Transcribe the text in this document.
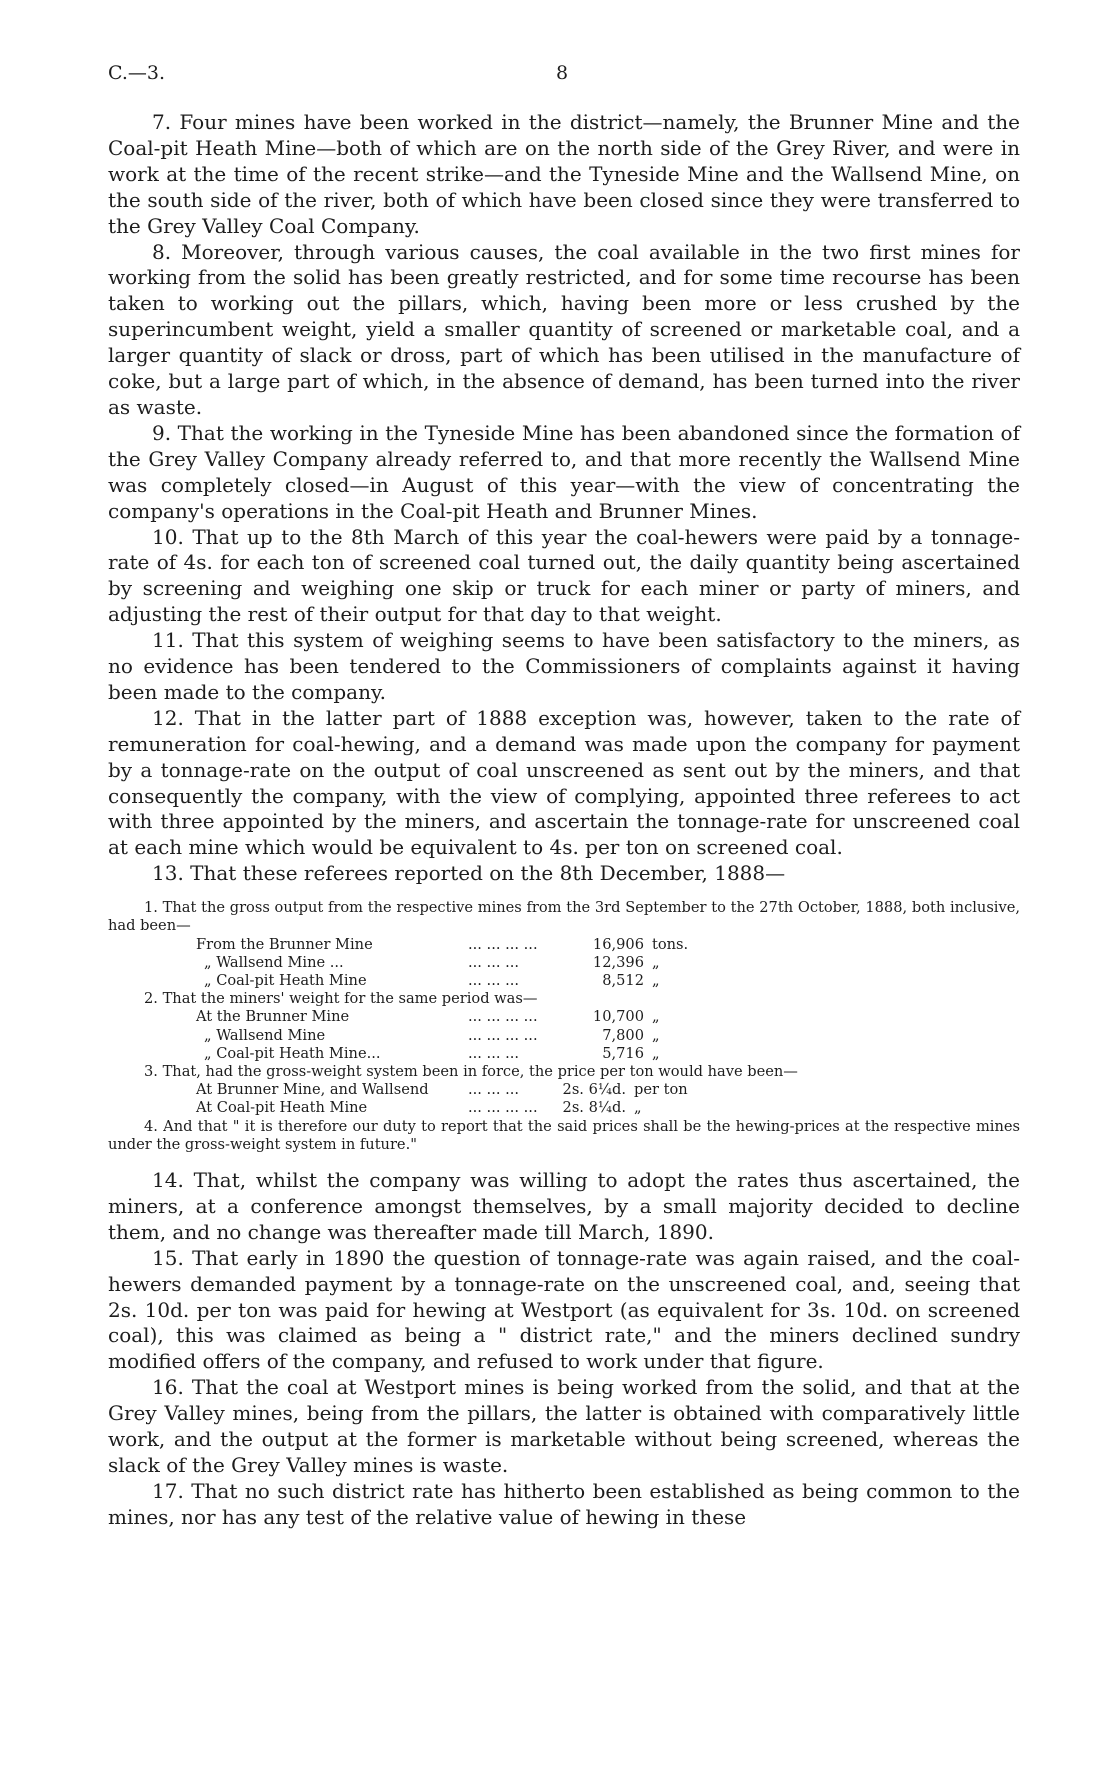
C.—3.	8

7. Four mines have been worked in the district—namely, the Brunner Mine and the Coal-pit Heath Mine—both of which are on the north side of the Grey River, and were in work at the time of the recent strike—and the Tyneside Mine and the Wallsend Mine, on the south side of the river, both of which have been closed since they were transferred to the Grey Valley Coal Company.

8. Moreover, through various causes, the coal available in the two first mines for working from the solid has been greatly restricted, and for some time recourse has been taken to working out the pillars, which, having been more or less crushed by the superincumbent weight, yield a smaller quantity of screened or marketable coal, and a larger quantity of slack or dross, part of which has been utilised in the manufacture of coke, but a large part of which, in the absence of demand, has been turned into the river as waste.

9. That the working in the Tyneside Mine has been abandoned since the formation of the Grey Valley Company already referred to, and that more recently the Wallsend Mine was completely closed—in August of this year—with the view of concentrating the company's operations in the Coal-pit Heath and Brunner Mines.

10. That up to the 8th March of this year the coal-hewers were paid by a tonnage-rate of 4s. for each ton of screened coal turned out, the daily quantity being ascertained by screening and weighing one skip or truck for each miner or party of miners, and adjusting the rest of their output for that day to that weight.

11. That this system of weighing seems to have been satisfactory to the miners, as no evidence has been tendered to the Commissioners of complaints against it having been made to the company.

12. That in the latter part of 1888 exception was, however, taken to the rate of remuneration for coal-hewing, and a demand was made upon the company for payment by a tonnage-rate on the output of coal unscreened as sent out by the miners, and that consequently the company, with the view of complying, appointed three referees to act with three appointed by the miners, and ascertain the tonnage-rate for unscreened coal at each mine which would be equivalent to 4s. per ton on screened coal.

13. That these referees reported on the 8th December, 1888—

1. That the gross output from the respective mines from the 3rd September to the 27th October, 1888, both inclusive, had been—

From the Brunner Mine	... ... ... ...	16,906 tons.
„ Wallsend Mine ...	... ... ...	12,396 „
„ Coal-pit Heath Mine	... ... ...	8,512 „

2. That the miners' weight for the same period was—

At the Brunner Mine	... ... ... ...	10,700 „
„ Wallsend Mine	... ... ... ...	7,800 „
„ Coal-pit Heath Mine...	... ... ...	5,716 „

3. That, had the gross-weight system been in force, the price per ton would have been—

At Brunner Mine, and Wallsend	... ... ...	2s. 6¼d. per ton
At Coal-pit Heath Mine	... ... ... ...	2s. 8¼d. „

4. And that " it is therefore our duty to report that the said prices shall be the hewing-prices at the respective mines under the gross-weight system in future."

14. That, whilst the company was willing to adopt the rates thus ascertained, the miners, at a conference amongst themselves, by a small majority decided to decline them, and no change was thereafter made till March, 1890.

15. That early in 1890 the question of tonnage-rate was again raised, and the coal-hewers demanded payment by a tonnage-rate on the unscreened coal, and, seeing that 2s. 10d. per ton was paid for hewing at Westport (as equivalent for 3s. 10d. on screened coal), this was claimed as being a " district rate," and the miners declined sundry modified offers of the company, and refused to work under that figure.

16. That the coal at Westport mines is being worked from the solid, and that at the Grey Valley mines, being from the pillars, the latter is obtained with comparatively little work, and the output at the former is marketable without being screened, whereas the slack of the Grey Valley mines is waste.

17. That no such district rate has hitherto been established as being common to the mines, nor has any test of the relative value of hewing in these
